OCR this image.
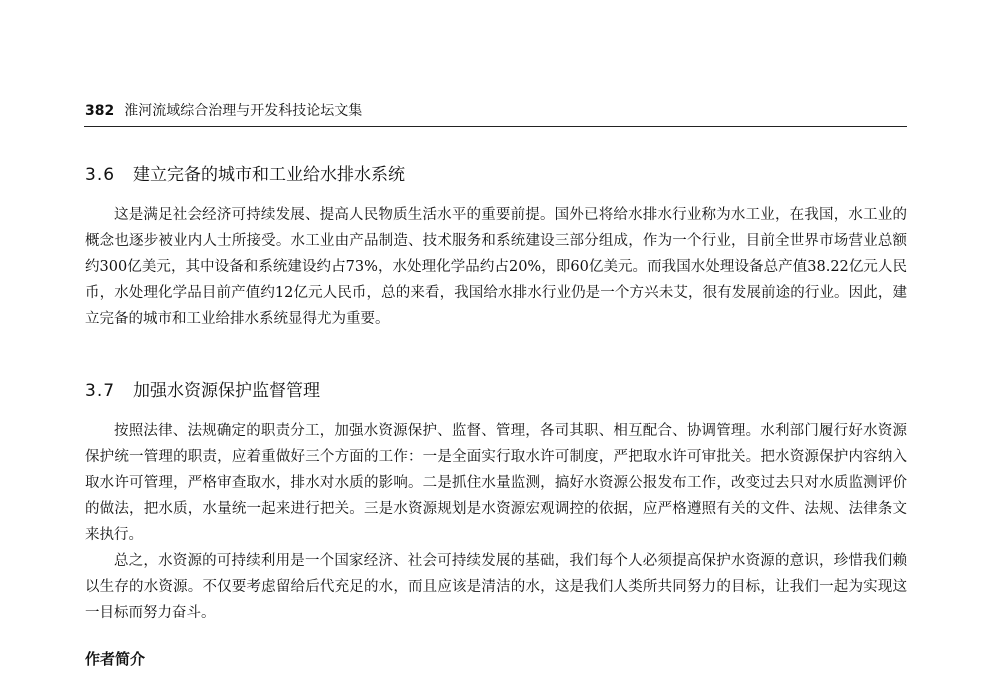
382 淮河流域综合治理与开发科技论坛文集
3.6 建立完备的城市和工业给水排水系统

这是满足社会经济可持续发展、提高人民物质生活水平的重要前提。国外已将给水排水行业称为水工业，在我国，水工业的概念也逐步被业内人士所接受。水工业由产品制造、技术服务和系统建设三部分组成，作为一个行业，目前全世界市场营业总额约300亿美元，其中设备和系统建设约占73%，水处理化学品约占20%，即60亿美元。而我国水处理设备总产值38.22亿元人民币，水处理化学品目前产值约12亿元人民币，总的来看，我国给水排水行业仍是一个方兴未艾，很有发展前途的行业。因此，建立完备的城市和工业给排水系统显得尤为重要。

3.7 加强水资源保护监督管理

按照法律、法规确定的职责分工，加强水资源保护、监督、管理，各司其职、相互配合、协调管理。水利部门履行好水资源保护统一管理的职责，应着重做好三个方面的工作：一是全面实行取水许可制度，严把取水许可审批关。把水资源保护内容纳入取水许可管理，严格审查取水，排水对水质的影响。二是抓住水量监测，搞好水资源公报发布工作，改变过去只对水质监测评价的做法，把水质，水量统一起来进行把关。三是水资源规划是水资源宏观调控的依据，应严格遵照有关的文件、法规、法律条文来执行。

总之，水资源的可持续利用是一个国家经济、社会可持续发展的基础，我们每个人必须提高保护水资源的意识，珍惜我们赖以生存的水资源。不仅要考虑留给后代充足的水，而且应该是清洁的水，这是我们人类所共同努力的目标，让我们一起为实现这一目标而努力奋斗。

作者简介
